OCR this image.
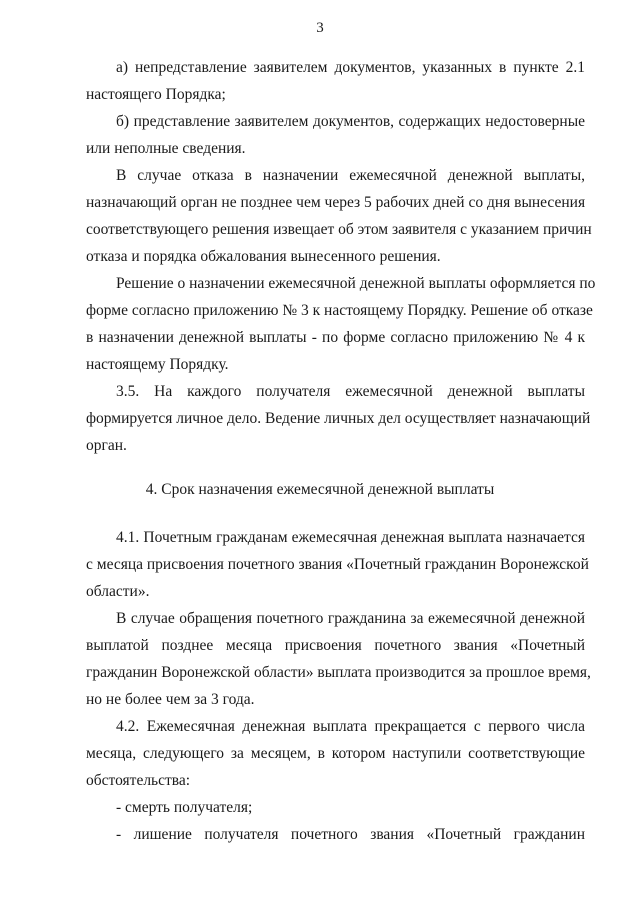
3
а) непредставление заявителем документов, указанных в пункте 2.1
настоящего Порядка;
б) представление заявителем документов, содержащих недостоверные
или неполные сведения.
В случае отказа в назначении ежемесячной денежной выплаты,
назначающий орган не позднее чем через 5 рабочих дней со дня вынесения
соответствующего решения извещает об этом заявителя с указанием причин
отказа и порядка обжалования вынесенного решения.
Решение о назначении ежемесячной денежной выплаты оформляется по
форме согласно приложению № 3 к настоящему Порядку. Решение об отказе
в назначении денежной выплаты - по форме согласно приложению № 4 к
настоящему Порядку.
3.5. На каждого получателя ежемесячной денежной выплаты
формируется личное дело. Ведение личных дел осуществляет назначающий
орган.
4. Срок назначения ежемесячной денежной выплаты
4.1. Почетным гражданам ежемесячная денежная выплата назначается
с месяца присвоения почетного звания «Почетный гражданин Воронежской
области».
В случае обращения почетного гражданина за ежемесячной денежной
выплатой позднее месяца присвоения почетного звания «Почетный
гражданин Воронежской области» выплата производится за прошлое время,
но не более чем за 3 года.
4.2. Ежемесячная денежная выплата прекращается с первого числа
месяца, следующего за месяцем, в котором наступили соответствующие
обстоятельства:
- смерть получателя;
- лишение получателя почетного звания «Почетный гражданин
